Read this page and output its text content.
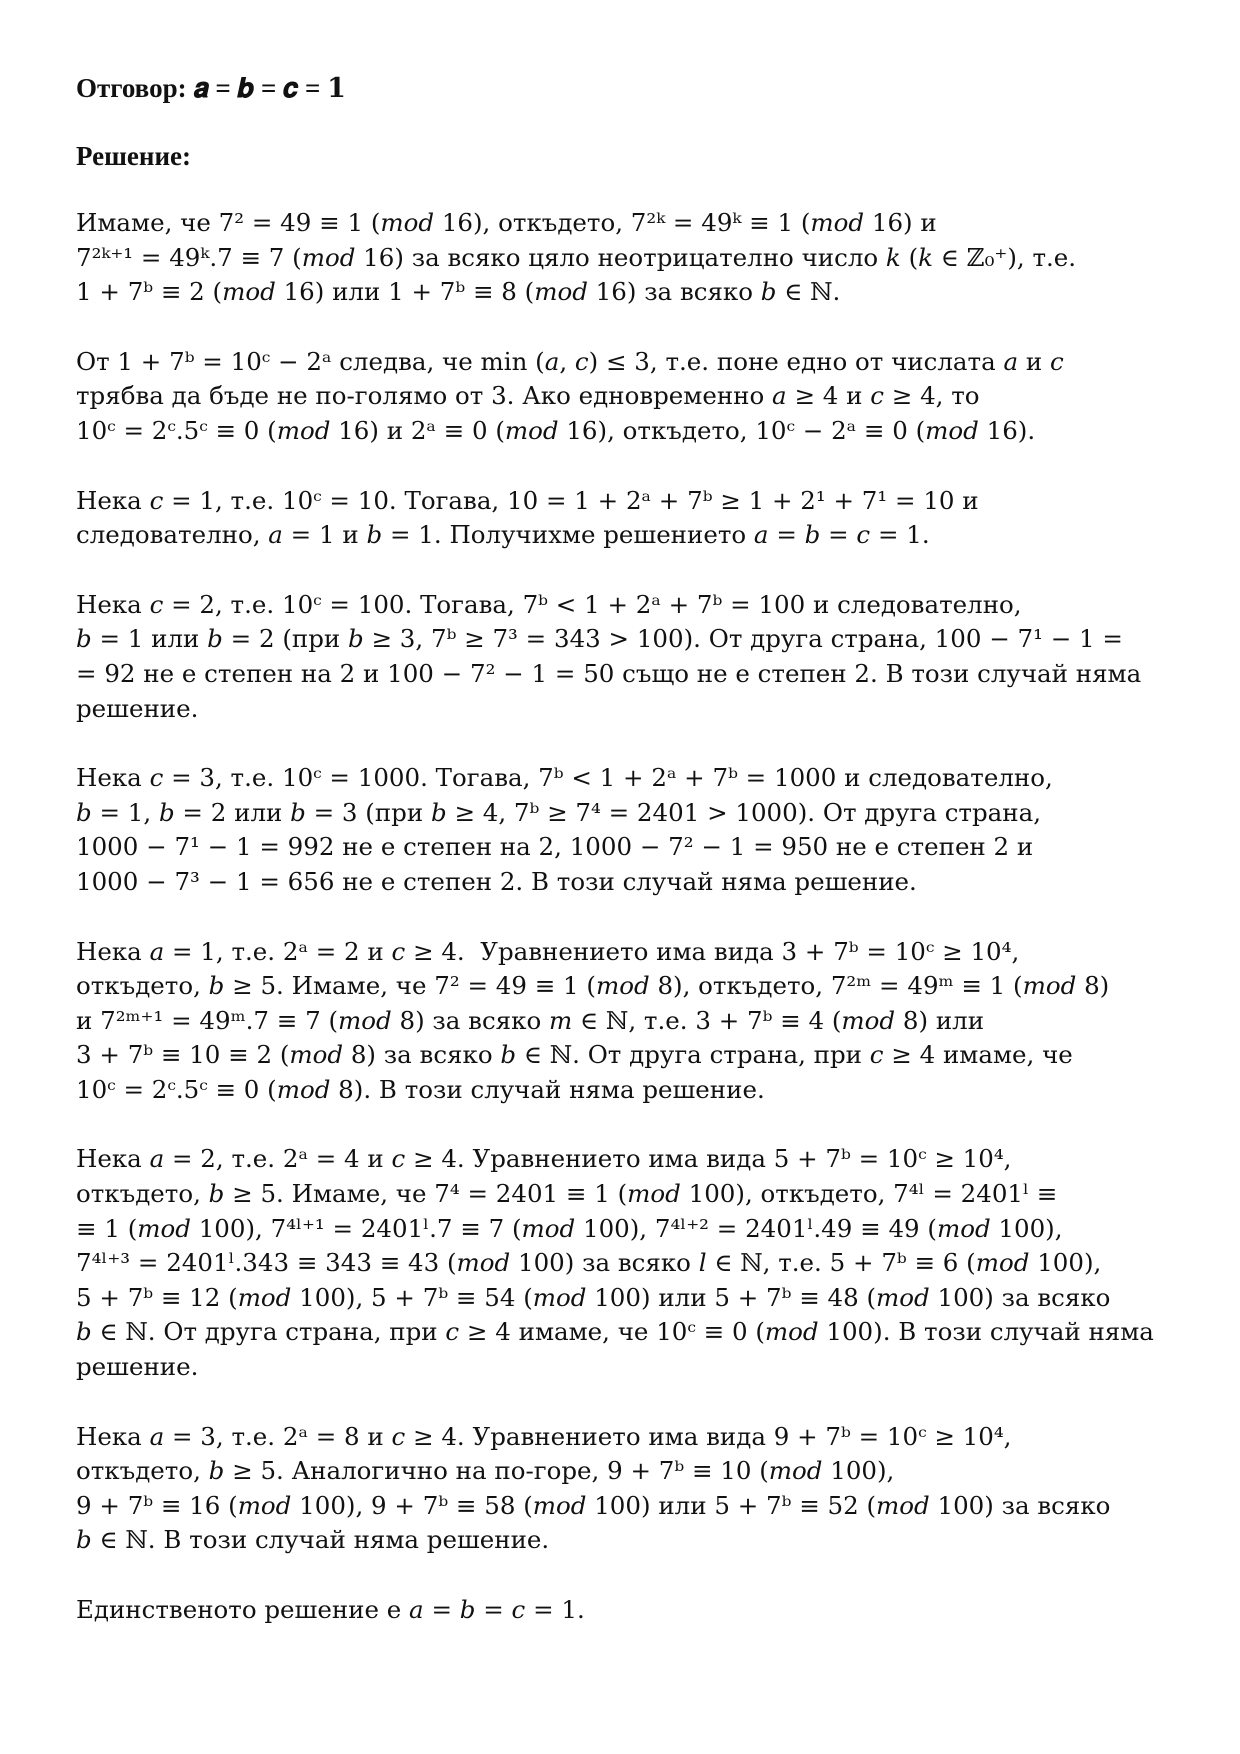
Отговор: 𝒂 = 𝒃 = 𝒄 = 𝟏
Решение:
Имаме, че 7² = 49 ≡ 1 (𝑚𝑜𝑑 16), откъдето, 7²ᵏ = 49ᵏ ≡ 1 (𝑚𝑜𝑑 16) и
7²ᵏ⁺¹ = 49ᵏ.7 ≡ 7 (𝑚𝑜𝑑 16) за всяко цяло неотрицателно число 𝑘 (𝑘 ∈ ℤ₀⁺), т.е.
1 + 7ᵇ ≡ 2 (𝑚𝑜𝑑 16) или 1 + 7ᵇ ≡ 8 (𝑚𝑜𝑑 16) за всяко 𝑏 ∈ ℕ.
От 1 + 7ᵇ = 10ᶜ − 2ᵃ следва, че min (𝑎, 𝑐) ≤ 3, т.е. поне едно от числата 𝑎 и 𝑐
трябва да бъде не по-голямо от 3. Ако едновременно 𝑎 ≥ 4 и 𝑐 ≥ 4, то
10ᶜ = 2ᶜ.5ᶜ ≡ 0 (𝑚𝑜𝑑 16) и 2ᵃ ≡ 0 (𝑚𝑜𝑑 16), откъдето, 10ᶜ − 2ᵃ ≡ 0 (𝑚𝑜𝑑 16).
Нека 𝑐 = 1, т.е. 10ᶜ = 10. Тогава, 10 = 1 + 2ᵃ + 7ᵇ ≥ 1 + 2¹ + 7¹ = 10 и
следователно, 𝑎 = 1 и 𝑏 = 1. Получихме решението 𝑎 = 𝑏 = 𝑐 = 1.
Нека 𝑐 = 2, т.е. 10ᶜ = 100. Тогава, 7ᵇ < 1 + 2ᵃ + 7ᵇ = 100 и следователно,
𝑏 = 1 или 𝑏 = 2 (при 𝑏 ≥ 3, 7ᵇ ≥ 7³ = 343 > 100). От друга страна, 100 − 7¹ − 1 =
= 92 не е степен на 2 и 100 − 7² − 1 = 50 също не е степен 2. В този случай няма
решение.
Нека 𝑐 = 3, т.е. 10ᶜ = 1000. Тогава, 7ᵇ < 1 + 2ᵃ + 7ᵇ = 1000 и следователно,
𝑏 = 1, 𝑏 = 2 или 𝑏 = 3 (при 𝑏 ≥ 4, 7ᵇ ≥ 7⁴ = 2401 > 1000). От друга страна,
1000 − 7¹ − 1 = 992 не е степен на 2, 1000 − 7² − 1 = 950 не е степен 2 и
1000 − 7³ − 1 = 656 не е степен 2. В този случай няма решение.
Нека 𝑎 = 1, т.е. 2ᵃ = 2 и 𝑐 ≥ 4.  Уравнението има вида 3 + 7ᵇ = 10ᶜ ≥ 10⁴,
откъдето, 𝑏 ≥ 5. Имаме, че 7² = 49 ≡ 1 (𝑚𝑜𝑑 8), откъдето, 7²ᵐ = 49ᵐ ≡ 1 (𝑚𝑜𝑑 8)
и 7²ᵐ⁺¹ = 49ᵐ.7 ≡ 7 (𝑚𝑜𝑑 8) за всяко 𝑚 ∈ ℕ, т.е. 3 + 7ᵇ ≡ 4 (𝑚𝑜𝑑 8) или
3 + 7ᵇ ≡ 10 ≡ 2 (𝑚𝑜𝑑 8) за всяко 𝑏 ∈ ℕ. От друга страна, при 𝑐 ≥ 4 имаме, че
10ᶜ = 2ᶜ.5ᶜ ≡ 0 (𝑚𝑜𝑑 8). В този случай няма решение.
Нека 𝑎 = 2, т.е. 2ᵃ = 4 и 𝑐 ≥ 4. Уравнението има вида 5 + 7ᵇ = 10ᶜ ≥ 10⁴,
откъдето, 𝑏 ≥ 5. Имаме, че 7⁴ = 2401 ≡ 1 (𝑚𝑜𝑑 100), откъдето, 7⁴ˡ = 2401ˡ ≡
≡ 1 (𝑚𝑜𝑑 100), 7⁴ˡ⁺¹ = 2401ˡ.7 ≡ 7 (𝑚𝑜𝑑 100), 7⁴ˡ⁺² = 2401ˡ.49 ≡ 49 (𝑚𝑜𝑑 100),
7⁴ˡ⁺³ = 2401ˡ.343 ≡ 343 ≡ 43 (𝑚𝑜𝑑 100) за всяко 𝑙 ∈ ℕ, т.е. 5 + 7ᵇ ≡ 6 (𝑚𝑜𝑑 100),
5 + 7ᵇ ≡ 12 (𝑚𝑜𝑑 100), 5 + 7ᵇ ≡ 54 (𝑚𝑜𝑑 100) или 5 + 7ᵇ ≡ 48 (𝑚𝑜𝑑 100) за всяко
𝑏 ∈ ℕ. От друга страна, при 𝑐 ≥ 4 имаме, че 10ᶜ ≡ 0 (𝑚𝑜𝑑 100). В този случай няма
решение.
Нека 𝑎 = 3, т.е. 2ᵃ = 8 и 𝑐 ≥ 4. Уравнението има вида 9 + 7ᵇ = 10ᶜ ≥ 10⁴,
откъдето, 𝑏 ≥ 5. Аналогично на по-горе, 9 + 7ᵇ ≡ 10 (𝑚𝑜𝑑 100),
9 + 7ᵇ ≡ 16 (𝑚𝑜𝑑 100), 9 + 7ᵇ ≡ 58 (𝑚𝑜𝑑 100) или 5 + 7ᵇ ≡ 52 (𝑚𝑜𝑑 100) за всяко
𝑏 ∈ ℕ. В този случай няма решение.
Единственото решение е 𝑎 = 𝑏 = 𝑐 = 1.
